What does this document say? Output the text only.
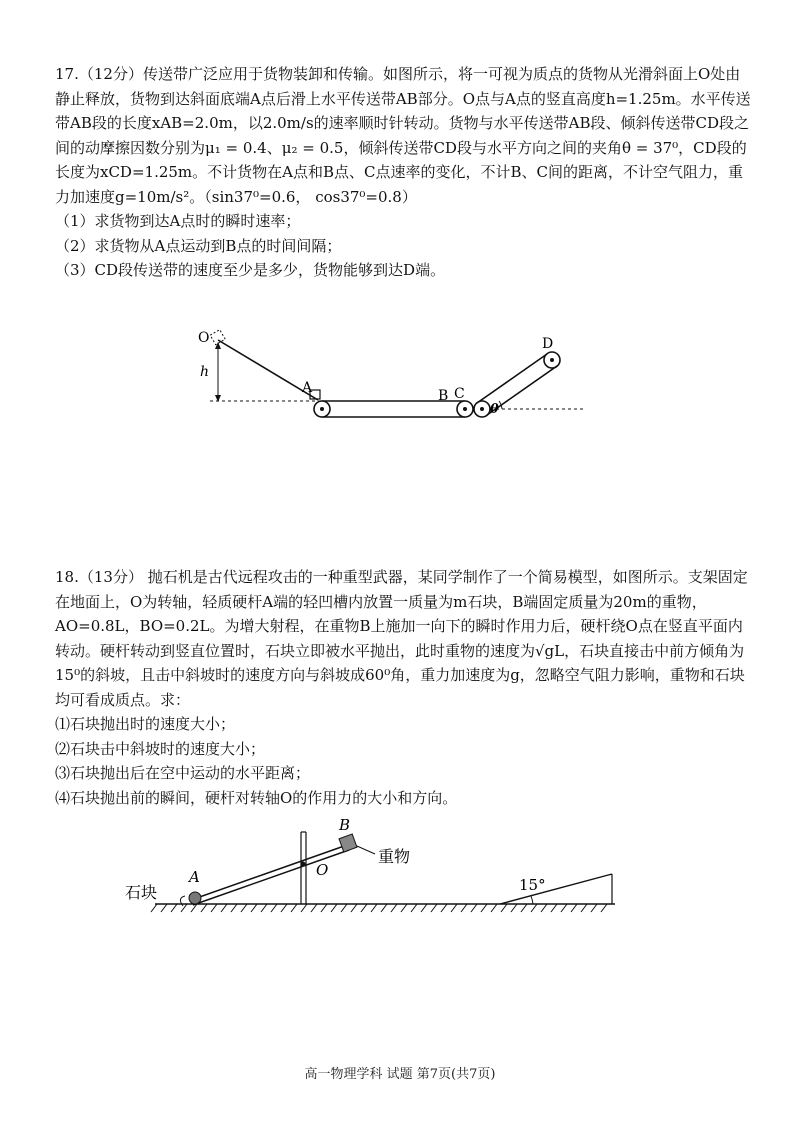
17.（12分）传送带广泛应用于货物装卸和传输。如图所示，将一可视为质点的货物从光滑斜面上O处由静止释放，货物到达斜面底端A点后滑上水平传送带AB部分。O点与A点的竖直高度h=1.25m。水平传送带AB段的长度xAB=2.0m，以2.0m/s的速率顺时针转动。货物与水平传送带AB段、倾斜传送带CD段之间的动摩擦因数分别为μ₁ = 0.4、μ₂ = 0.5，倾斜传送带CD段与水平方向之间的夹角θ = 37⁰，CD段的长度为xCD=1.25m。不计货物在A点和B点、C点速率的变化，不计B、C间的距离，不计空气阻力，重力加速度g=10m/s²。（sin37⁰=0.6， cos37⁰=0.8）

（1）求货物到达A点时的瞬时速率；

（2）求货物从A点运动到B点的时间间隔；

（3）CD段传送带的速度至少是多少，货物能够到达D端。

O
h
A	B C
D
θ

18.（13分） 抛石机是古代远程攻击的一种重型武器，某同学制作了一个简易模型，如图所示。支架固定在地面上，O为转轴，轻质硬杆A端的轻凹槽内放置一质量为m石块，B端固定质量为20m的重物，AO=0.8L，BO=0.2L。为增大射程，在重物B上施加一向下的瞬时作用力后，硬杆绕O点在竖直平面内转动。硬杆转动到竖直位置时，石块立即被水平抛出，此时重物的速度为√gL，石块直接击中前方倾角为15⁰的斜坡，且击中斜坡时的速度方向与斜坡成60⁰角，重力加速度为g，忽略空气阻力影响，重物和石块均可看成质点。求：

⑴石块抛出时的速度大小；

⑵石块击中斜坡时的速度大小；

⑶石块抛出后在空中运动的水平距离；

⑷石块抛出前的瞬间，硬杆对转轴O的作用力的大小和方向。

O
石块
A
B
重物
15°
高一物理学科 试题 第7页(共7页)
